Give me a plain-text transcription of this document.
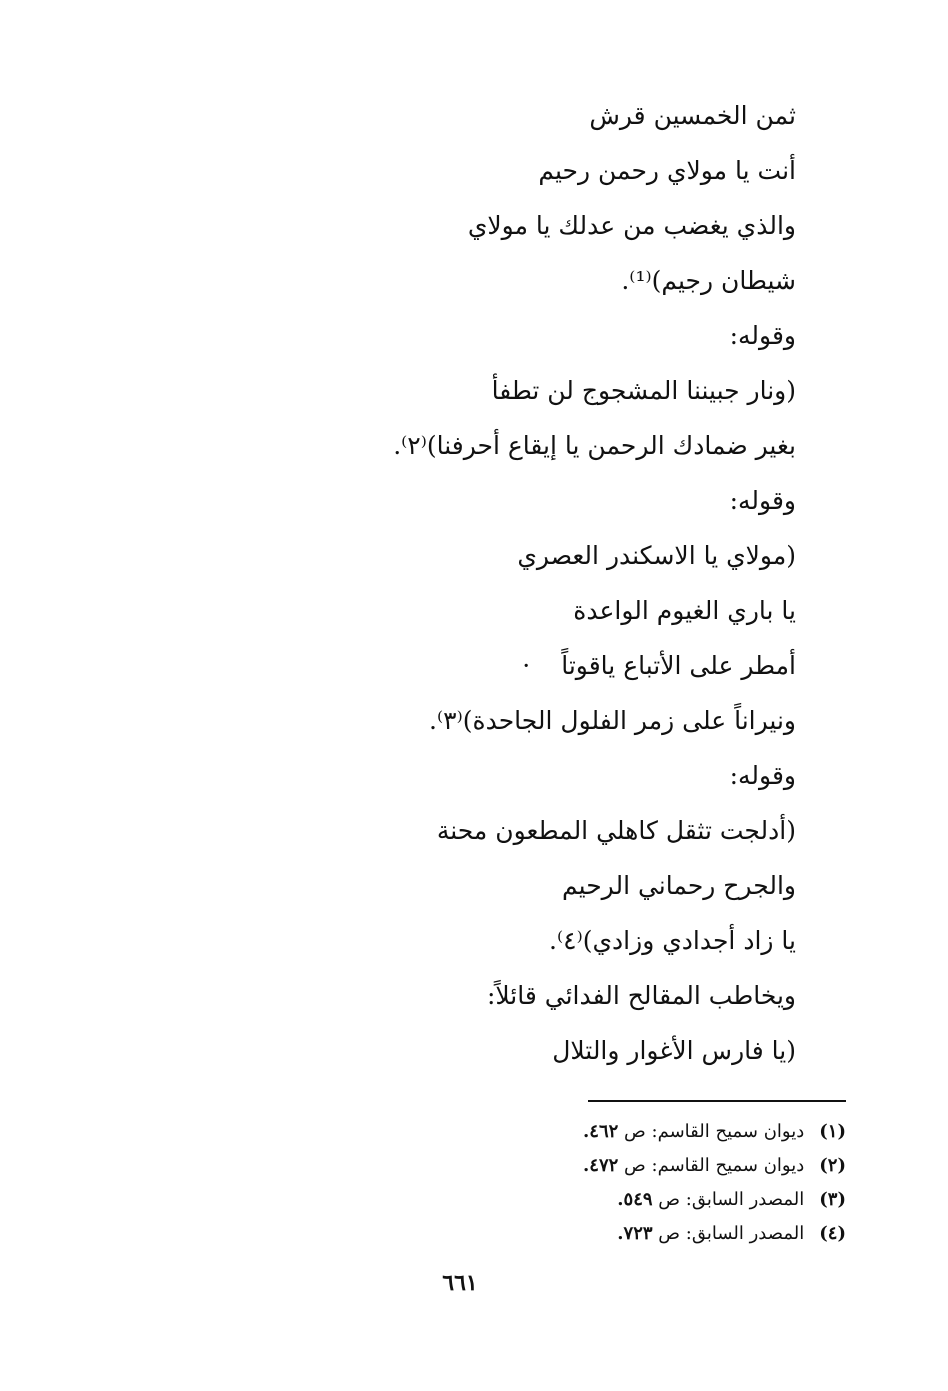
ثمن الخمسين قرش
أنت يا مولاي رحمن رحيم
والذي يغضب من عدلك يا مولاي
شيطان رجيم)⁽¹⁾.
وقوله:
(ونار جبيننا المشجوج لن تطفأ
بغير ضمادك الرحمن يا إيقاع أحرفنا)⁽٢⁾.
وقوله:
(مولاي يا الاسكندر العصري
يا باري الغيوم الواعدة
أمطر على الأتباع ياقوتاً·
ونيراناً على زمر الفلول الجاحدة)⁽٣⁾.
وقوله:
(أدلجت تثقل كاهلي المطعون محنة
والجرح رحماني الرحيم
يا زاد أجدادي وزادي)⁽٤⁾.
ويخاطب المقالح الفدائي قائلاً:
(يا فارس الأغوار والتلال
(١) ديوان سميح القاسم: ص ٤٦٢.
(٢) ديوان سميح القاسم: ص ٤٧٢.
(٣) المصدر السابق: ص ٥٤٩.
(٤) المصدر السابق: ص ٧٢٣.
٦٦١
